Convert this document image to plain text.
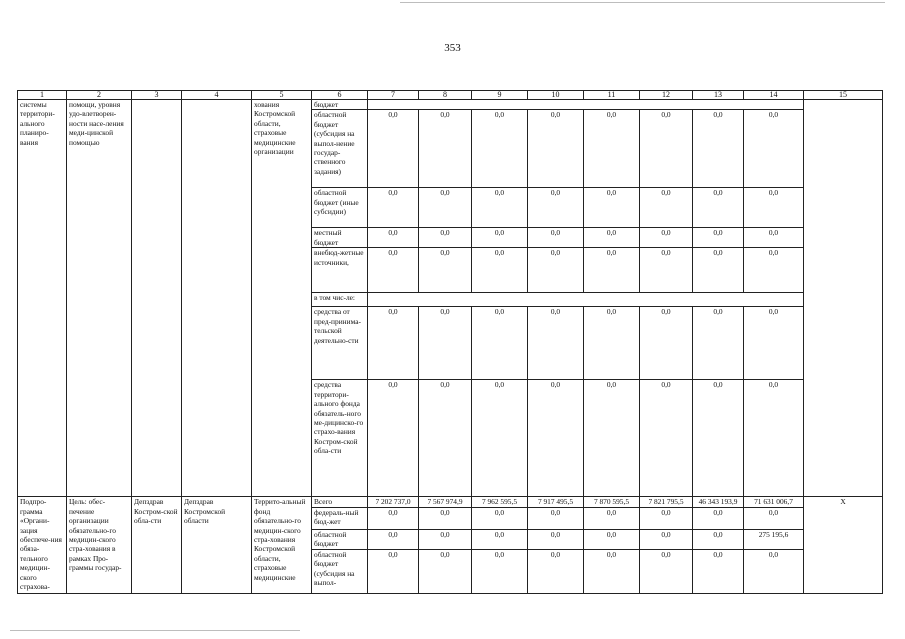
353
1	2	3	4	5	6	7	8	9	10	11	12	13	14	15
системы территори-ального планиро-вания	помощи, уровня удо-влетворен-ности насе-ления меди-цинской помощью			хования Костромской области, страховые медицинские организации	бюджет									
					областной бюджет (субсидия на выпол-нение государ-ственного задания)	0,0	0,0	0,0	0,0	0,0	0,0	0,0	0,0	
					областной бюджет (иные субсидии)	0,0	0,0	0,0	0,0	0,0	0,0	0,0	0,0	
					местный бюджет	0,0	0,0	0,0	0,0	0,0	0,0	0,0	0,0	
					внебюд-жетные источники,	0,0	0,0	0,0	0,0	0,0	0,0	0,0	0,0	
					в том чис-ле:									
					средства от пред-принима-тельской деятельно-сти	0,0	0,0	0,0	0,0	0,0	0,0	0,0	0,0	
					средства территори-ального фонда обязатель-ного ме-дицинско-го страхо-вания Костром-ской обла-сти	0,0	0,0	0,0	0,0	0,0	0,0	0,0	0,0	
Подпро-грамма «Органи-зация обеспече-ния обяза-тельного медицин-ского страхова-	Цель: обес-печение организации обязательно-го медицин-ского стра-хования в рамках Про-граммы государ-	Депздрав Костром-ской обла-сти	Депздрав Костромской области	Террито-альный фонд обязательно-го медицин-ского стра-хования Костромской области, страховые медицинские	Всего	7 202 737,0	7 567 974,9	7 962 595,5	7 917 495,5	7 870 595,5	7 821 795,5	46 343 193,9	71 631 006,7	Х
					федераль-ный бюд-жет	0,0	0,0	0,0	0,0	0,0	0,0	0,0	0,0	
					областной бюджет	0,0	0,0	0,0	0,0	0,0	0,0	0,0	275 195,6	
					областной бюджет (субсидия на выпол-	0,0	0,0	0,0	0,0	0,0	0,0	0,0	0,0	
